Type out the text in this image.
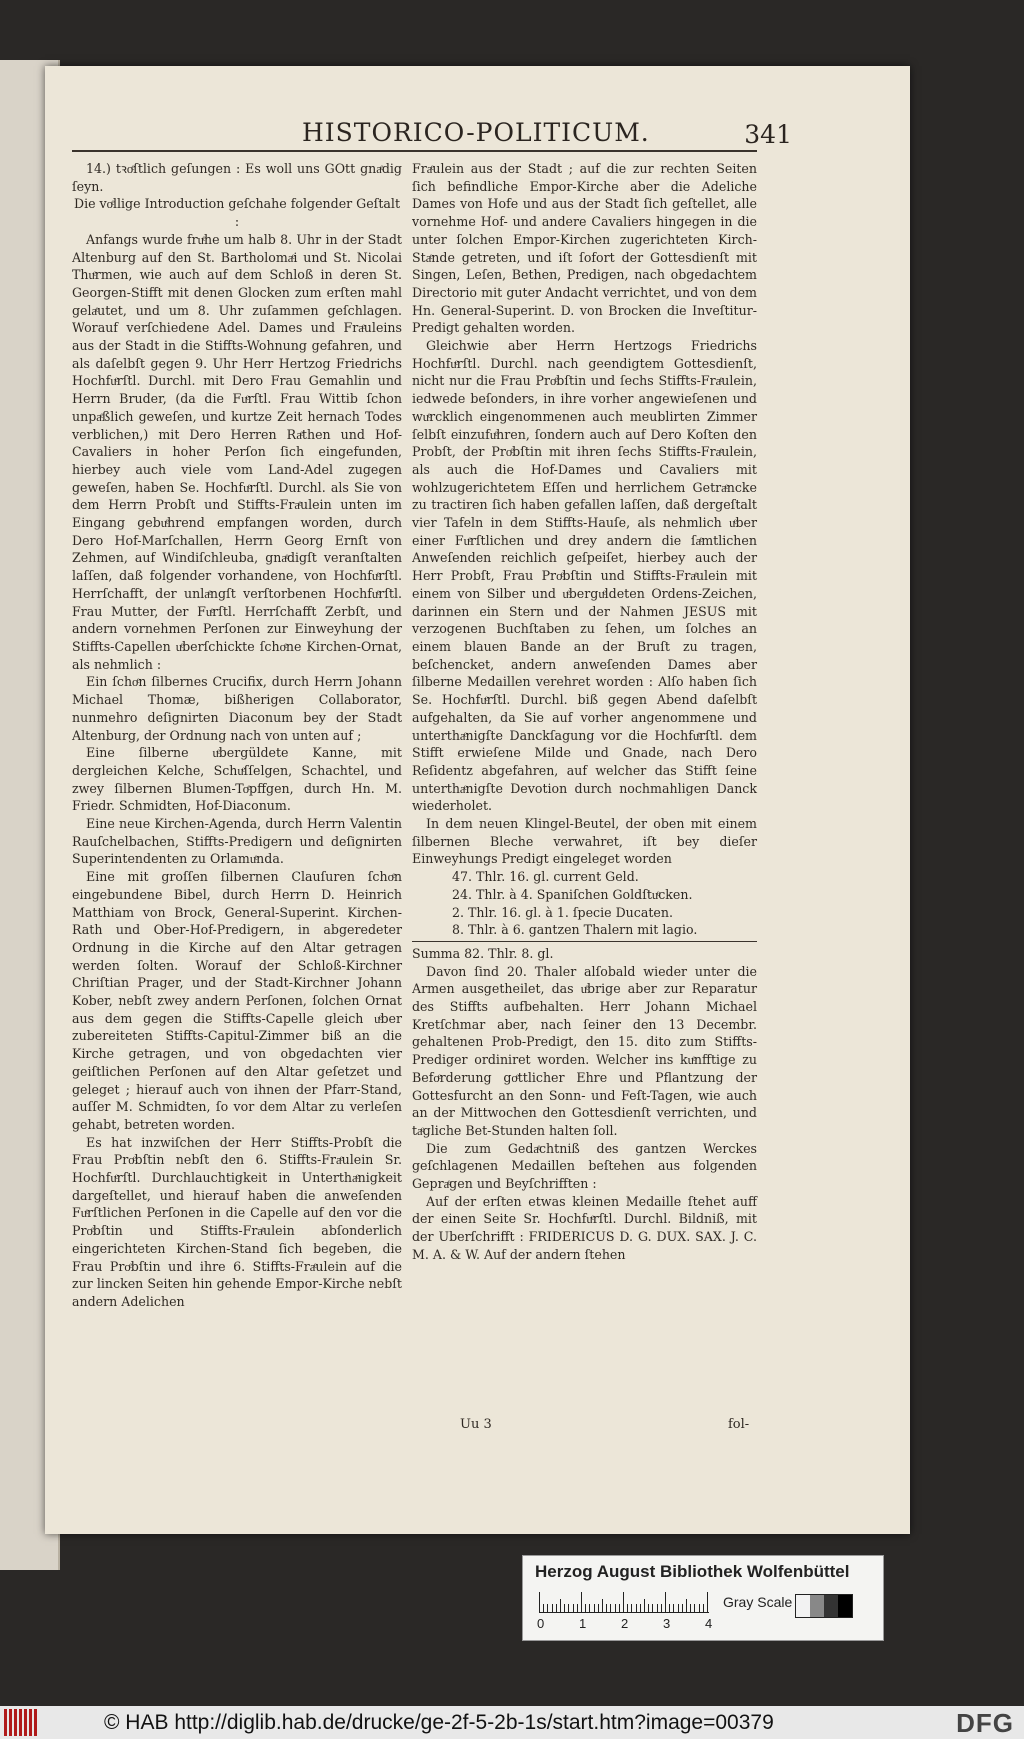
HISTORICO-POLITICUM.	341

14.) tꝛoͤſtlich geſungen : Es woll uns GOtt gnaͤdig ſeyn.

Die voͤllige Introduction geſchahe folgender Geſtalt :

Anfangs wurde fruͤhe um halb 8. Uhr in der Stadt Altenburg auf den St. Bartholomaͤi und St. Nicolai Thuͤrmen, wie auch auf dem Schloß in deren St. Georgen-Stifft mit denen Glocken zum erſten mahl gelaͤutet, und um 8. Uhr zuſammen geſchlagen. Worauf verſchiedene Adel. Dames und Fraͤuleins aus der Stadt in die Stiffts-Wohnung gefahren, und als daſelbſt gegen 9. Uhr Herr Hertzog Friedrichs Hochfuͤrſtl. Durchl. mit Dero Frau Gemahlin und Herrn Bruder, (da die Fuͤrſtl. Frau Wittib ſchon unpaͤßlich geweſen, und kurtze Zeit hernach Todes verblichen,) mit Dero Herren Raͤthen und Hof-Cavaliers in hoher Perſon ſich eingefunden, hierbey auch viele vom Land-Adel zugegen geweſen, haben Se. Hochfuͤrſtl. Durchl. als Sie von dem Herrn Probſt und Stiffts-Fraͤulein unten im Eingang gebuͤhrend empfangen worden, durch Dero Hof-Marſchallen, Herrn Georg Ernſt von Zehmen, auf Windiſchleuba, gnaͤdigſt veranſtalten laſſen, daß folgender vorhandene, von Hochfuͤrſtl. Herrſchafft, der unlaͤngſt verſtorbenen Hochfuͤrſtl. Frau Mutter, der Fuͤrſtl. Herrſchafft Zerbſt, und andern vornehmen Perſonen zur Einweyhung der Stiffts-Capellen uͤberſchickte ſchoͤne Kirchen-Ornat, als nehmlich :

Ein ſchoͤn ſilbernes Crucifix, durch Herrn Johann Michael Thomæ, bißherigen Collaborator, nunmehro deſignirten Diaconum bey der Stadt Altenburg, der Ordnung nach von unten auf ;

Eine ſilberne uͤbergüldete Kanne, mit dergleichen Kelche, Schuͤſſelgen, Schachtel, und zwey ſilbernen Blumen-Toͤpffgen, durch Hn. M. Friedr. Schmidten, Hof-Diaconum.

Eine neue Kirchen-Agenda, durch Herrn Valentin Rauſchelbachen, Stiffts-Predigern und deſignirten Superintendenten zu Orlamuͤnda.

Eine mit groſſen ſilbernen Clauſuren ſchoͤn eingebundene Bibel, durch Herrn D. Heinrich Matthiam von Brock, General-Superint. Kirchen-Rath und Ober-Hof-Predigern, in abgeredeter Ordnung in die Kirche auf den Altar getragen werden ſolten. Worauf der Schloß-Kirchner Chriſtian Prager, und der Stadt-Kirchner Johann Kober, nebſt zwey andern Perſonen, ſolchen Ornat aus dem gegen die Stiffts-Capelle gleich uͤber zubereiteten Stiffts-Capitul-Zimmer biß an die Kirche getragen, und von obgedachten vier geiſtlichen Perſonen auf den Altar geſetzet und geleget ; hierauf auch von ihnen der Pfarr-Stand, auſſer M. Schmidten, ſo vor dem Altar zu verleſen gehabt, betreten worden.

Es hat inzwiſchen der Herr Stiffts-Probſt die Frau Proͤbſtin nebſt den 6. Stiffts-Fraͤulein Sr. Hochfuͤrſtl. Durchlauchtigkeit in Unterthaͤnigkeit dargeſtellet, und hierauf haben die anweſenden Fuͤrſtlichen Perſonen in die Capelle auf den vor die Proͤbſtin und Stiffts-Fraͤulein abſonderlich eingerichteten Kirchen-Stand ſich begeben, die Frau Proͤbſtin und ihre 6. Stiffts-Fraͤulein auf die zur lincken Seiten hin gehende Empor-Kirche nebſt andern Adelichen

Fraͤulein aus der Stadt ; auf die zur rechten Seiten ſich befindliche Empor-Kirche aber die Adeliche Dames von Hofe und aus der Stadt ſich geſtellet, alle vornehme Hof- und andere Cavaliers hingegen in die unter ſolchen Empor-Kirchen zugerichteten Kirch-Staͤnde getreten, und iſt ſofort der Gottesdienſt mit Singen, Leſen, Bethen, Predigen, nach obgedachtem Directorio mit guter Andacht verrichtet, und von dem Hn. General-Superint. D. von Brocken die Inveſtitur-Predigt gehalten worden.

Gleichwie aber Herrn Hertzogs Friedrichs Hochfuͤrſtl. Durchl. nach geendigtem Gottesdienſt, nicht nur die Frau Proͤbſtin und ſechs Stiffts-Fraͤulein, iedwede beſonders, in ihre vorher angewieſenen und wuͤrcklich eingenommenen auch meublirten Zimmer ſelbſt einzufuͤhren, ſondern auch auf Dero Koſten den Probſt, der Proͤbſtin mit ihren ſechs Stiffts-Fraͤulein, als auch die Hof-Dames und Cavaliers mit wohlzugerichtetem Eſſen und herrlichem Getraͤncke zu tractiren ſich haben gefallen laſſen, daß dergeſtalt vier Tafeln in dem Stiffts-Hauſe, als nehmlich uͤber einer Fuͤrſtlichen und drey andern die ſaͤmtlichen Anweſenden reichlich geſpeiſet, hierbey auch der Herr Probſt, Frau Proͤbſtin und Stiffts-Fraͤulein mit einem von Silber und uͤberguͤldeten Ordens-Zeichen, darinnen ein Stern und der Nahmen JESUS mit verzogenen Buchſtaben zu ſehen, um ſolches an einem blauen Bande an der Bruſt zu tragen, beſchencket, andern anweſenden Dames aber ſilberne Medaillen verehret worden : Alſo haben ſich Se. Hochfuͤrſtl. Durchl. biß gegen Abend daſelbſt aufgehalten, da Sie auf vorher angenommene und unterthaͤnigſte Danckſagung vor die Hochfuͤrſtl. dem Stifft erwieſene Milde und Gnade, nach Dero Reſidentz abgefahren, auf welcher das Stifft ſeine unterthaͤnigſte Devotion durch nochmahligen Danck wiederholet.

In dem neuen Klingel-Beutel, der oben mit einem ſilbernen Bleche verwahret, iſt bey dieſer Einweyhungs Predigt eingeleget worden

47. Thlr. 16. gl. current Geld.

24. Thlr. à 4. Spaniſchen Goldſtuͤcken.

2. Thlr. 16. gl. à 1. ſpecie Ducaten.

8. Thlr. à 6. gantzen Thalern mit lagio.

Summa 82. Thlr. 8. gl.

Davon ſind 20. Thaler alſobald wieder unter die Armen ausgetheilet, das uͤbrige aber zur Reparatur des Stiffts aufbehalten. Herr Johann Michael Kretſchmar aber, nach ſeiner den 13 Decembr. gehaltenen Prob-Predigt, den 15. dito zum Stiffts-Prediger ordiniret worden. Welcher ins kuͤnfftige zu Befoͤrderung goͤttlicher Ehre und Pflantzung der Gottesfurcht an den Sonn- und Feſt-Tagen, wie auch an der Mittwochen den Gottesdienſt verrichten, und taͤgliche Bet-Stunden halten ſoll.

Die zum Gedaͤchtniß des gantzen Werckes geſchlagenen Medaillen beſtehen aus folgenden Gepraͤgen und Beyſchrifften :

Auf der erſten etwas kleinen Medaille ſtehet auff der einen Seite Sr. Hochfuͤrſtl. Durchl. Bildniß, mit der Uberſchrifft : FRIDERICUS D. G. DUX. SAX. J. C. M. A. & W. Auf der andern ſtehen

Uu 3	fol-
Herzog August Bibliothek Wolfenbüttel
0	1	2	3	4
Gray Scale
© HAB http://diglib.hab.de/drucke/ge-2f-5-2b-1s/start.htm?image=00379	DFG
